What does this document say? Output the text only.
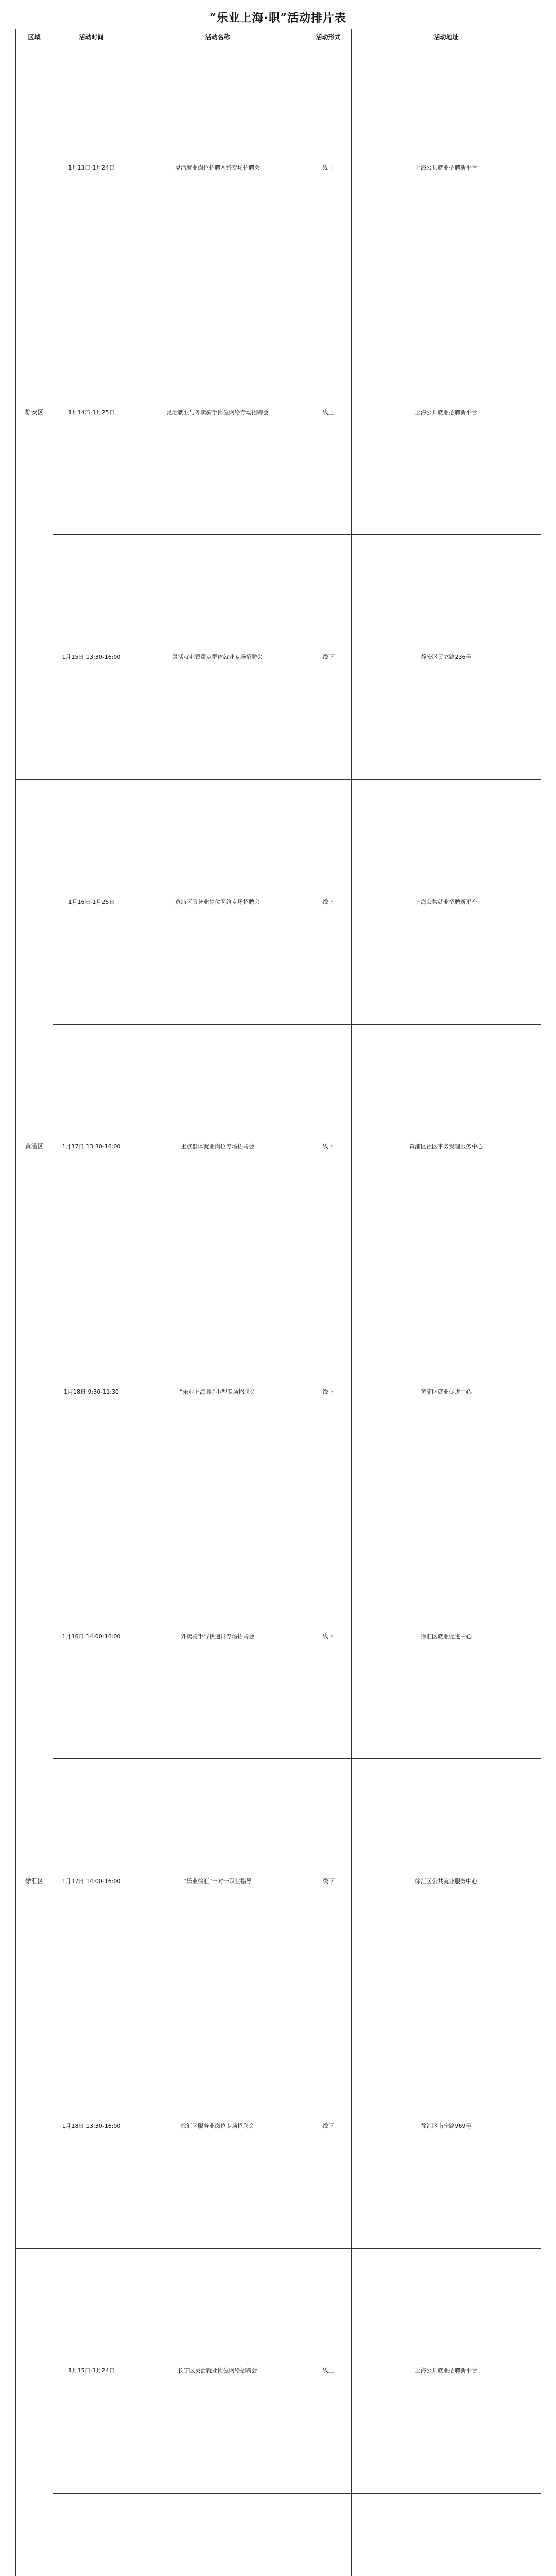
“乐业上海·职”活动排片表
区域	活动时间	活动名称	活动形式	活动地址
静安区	1月13日-1月24日	灵活就业岗位招聘网络专场招聘会	线上	上海公共就业招聘新平台
	1月14日-1月25日	灵活就业与外卖骑手岗位网络专场招聘会	线上	上海公共就业招聘新平台
	1月15日 13:30-16:00	灵活就业暨重点群体就业专场招聘会	线下	静安区民立路236号
黄浦区	1月16日-1月25日	黄浦区服务业岗位网络专场招聘会	线上	上海公共就业招聘新平台
	1月17日 13:30-16:00	重点群体就业岗位专场招聘会	线下	黄浦区社区事务受理服务中心
	1月18日 9:30-11:30	“乐业上海·职”小型专场招聘会	线下	黄浦区就业促进中心
徐汇区	1月16日 14:00-16:00	外卖骑手与快递员专场招聘会	线下	徐汇区就业促进中心
	1月17日 14:00-16:00	“乐业徐汇”一对一职业指导	线下	徐汇区公共就业服务中心
	1月18日 13:30-16:00	徐汇区服务业岗位专场招聘会	线下	徐汇区南宁路969号
	1月15日-1月24日	长宁区灵活就业岗位网络招聘会	线上	上海公共就业招聘新平台
